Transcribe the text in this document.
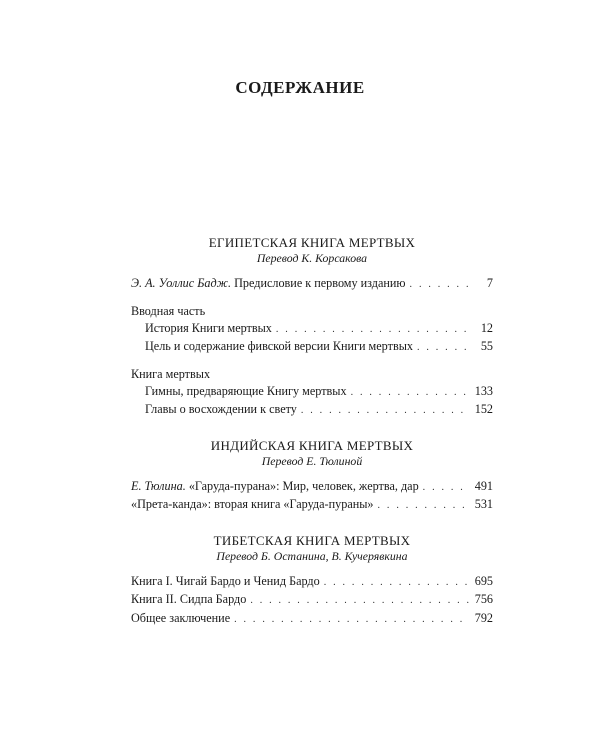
СОДЕРЖАНИЕ
ЕГИПЕТСКАЯ КНИГА МЕРТВЫХ
Перевод К. Корсакова
Э. А. Уоллис Бадж. Предисловие к первому изданию . . .	7
Вводная часть
История Книги мертвых . . .	12
Цель и содержание фивской версии Книги мертвых . . .	55
Книга мертвых
Гимны, предваряющие Книгу мертвых . . .	133
Главы о восхождении к свету . . .	152
ИНДИЙСКАЯ КНИГА МЕРТВЫХ
Перевод Е. Тюлиной
Е. Тюлина. «Гаруда-пурана»: Мир, человек, жертва, дар . . .	491
«Прета-канда»: вторая книга «Гаруда-пураны» . . .	531
ТИБЕТСКАЯ КНИГА МЕРТВЫХ
Перевод Б. Останина, В. Кучерявкина
Книга I. Чигай Бардо и Ченид Бардо . . .	695
Книга II. Сидпа Бардо . . .	756
Общее заключение . . .	792
